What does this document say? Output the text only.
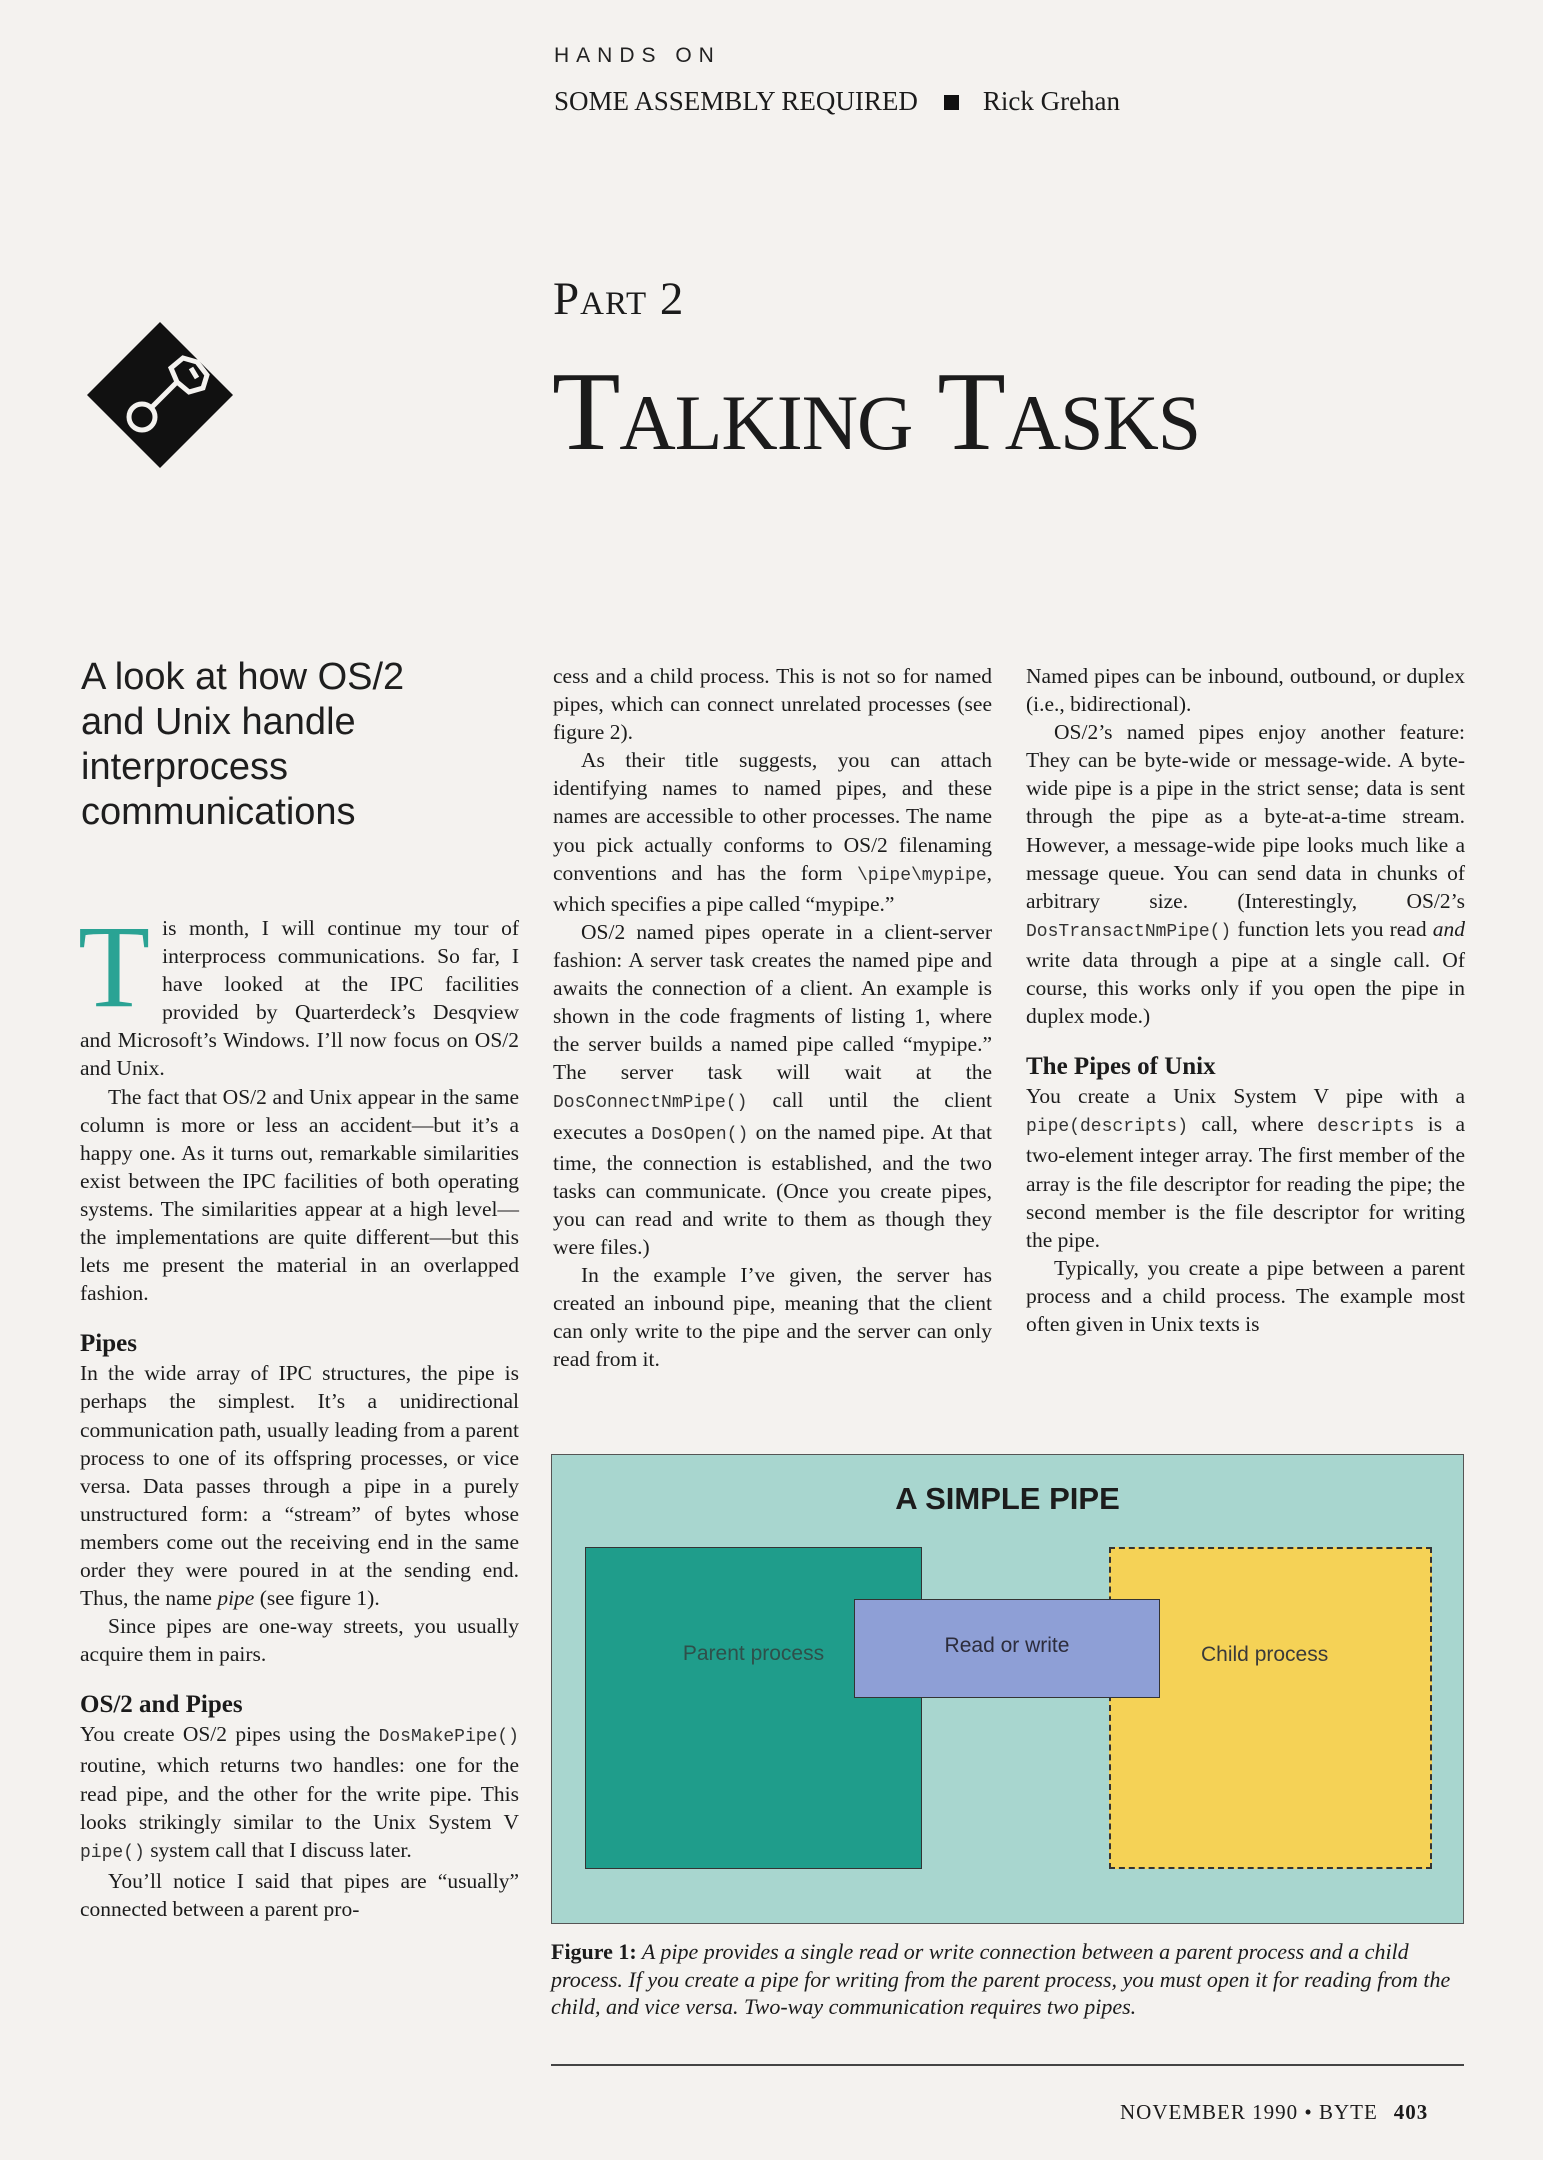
HANDS ON
SOME ASSEMBLY REQUIRED Rick Grehan
Part 2
Talking Tasks
A look at how OS/2 and Unix handle interprocess communications

Tis month, I will continue my tour of interprocess communications. So far, I have looked at the IPC facilities provided by Quarterdeck’s Desqview and Microsoft’s Windows. I’ll now focus on OS/2 and Unix.

The fact that OS/2 and Unix appear in the same column is more or less an accident—but it’s a happy one. As it turns out, remarkable similarities exist between the IPC facilities of both operating systems. The similarities appear at a high level—the implementations are quite different—but this lets me present the material in an overlapped fashion.

Pipes

In the wide array of IPC structures, the pipe is perhaps the simplest. It’s a unidirectional communication path, usually leading from a parent process to one of its offspring processes, or vice versa. Data passes through a pipe in a purely unstructured form: a “stream” of bytes whose members come out the receiving end in the same order they were poured in at the sending end. Thus, the name pipe (see figure 1).

Since pipes are one-way streets, you usually acquire them in pairs.

OS/2 and Pipes

You create OS/2 pipes using the DosMakePipe() routine, which returns two handles: one for the read pipe, and the other for the write pipe. This looks strikingly similar to the Unix System V pipe() system call that I discuss later.

You’ll notice I said that pipes are “usually” connected between a parent pro-

cess and a child process. This is not so for named pipes, which can connect unrelated processes (see figure 2).

As their title suggests, you can attach identifying names to named pipes, and these names are accessible to other processes. The name you pick actually conforms to OS/2 filenaming conventions and has the form \pipe\mypipe, which specifies a pipe called “mypipe.”

OS/2 named pipes operate in a client-server fashion: A server task creates the named pipe and awaits the connection of a client. An example is shown in the code fragments of listing 1, where the server builds a named pipe called “mypipe.” The server task will wait at the DosConnectNmPipe() call until the client executes a DosOpen() on the named pipe. At that time, the connection is established, and the two tasks can communicate. (Once you create pipes, you can read and write to them as though they were files.)

In the example I’ve given, the server has created an inbound pipe, meaning that the client can only write to the pipe and the server can only read from it.

Named pipes can be inbound, outbound, or duplex (i.e., bidirectional).

OS/2’s named pipes enjoy another feature: They can be byte-wide or message-wide. A byte-wide pipe is a pipe in the strict sense; data is sent through the pipe as a byte-at-a-time stream. However, a message-wide pipe looks much like a message queue. You can send data in chunks of arbitrary size. (Interestingly, OS/2’s DosTransactNmPipe() function lets you read and write data through a pipe at a single call. Of course, this works only if you open the pipe in duplex mode.)

The Pipes of Unix

You create a Unix System V pipe with a pipe(descripts) call, where descripts is a two-element integer array. The first member of the array is the file descriptor for reading the pipe; the second member is the file descriptor for writing the pipe.

Typically, you create a pipe between a parent process and a child process. The example most often given in Unix texts is

A SIMPLE PIPE
Parent process	Child process
Read or write
Figure 1: A pipe provides a single read or write connection between a parent process and a child process. If you create a pipe for writing from the parent process, you must open it for reading from the child, and vice versa. Two-way communication requires two pipes.
NOVEMBER 1990 • BYTE 403
